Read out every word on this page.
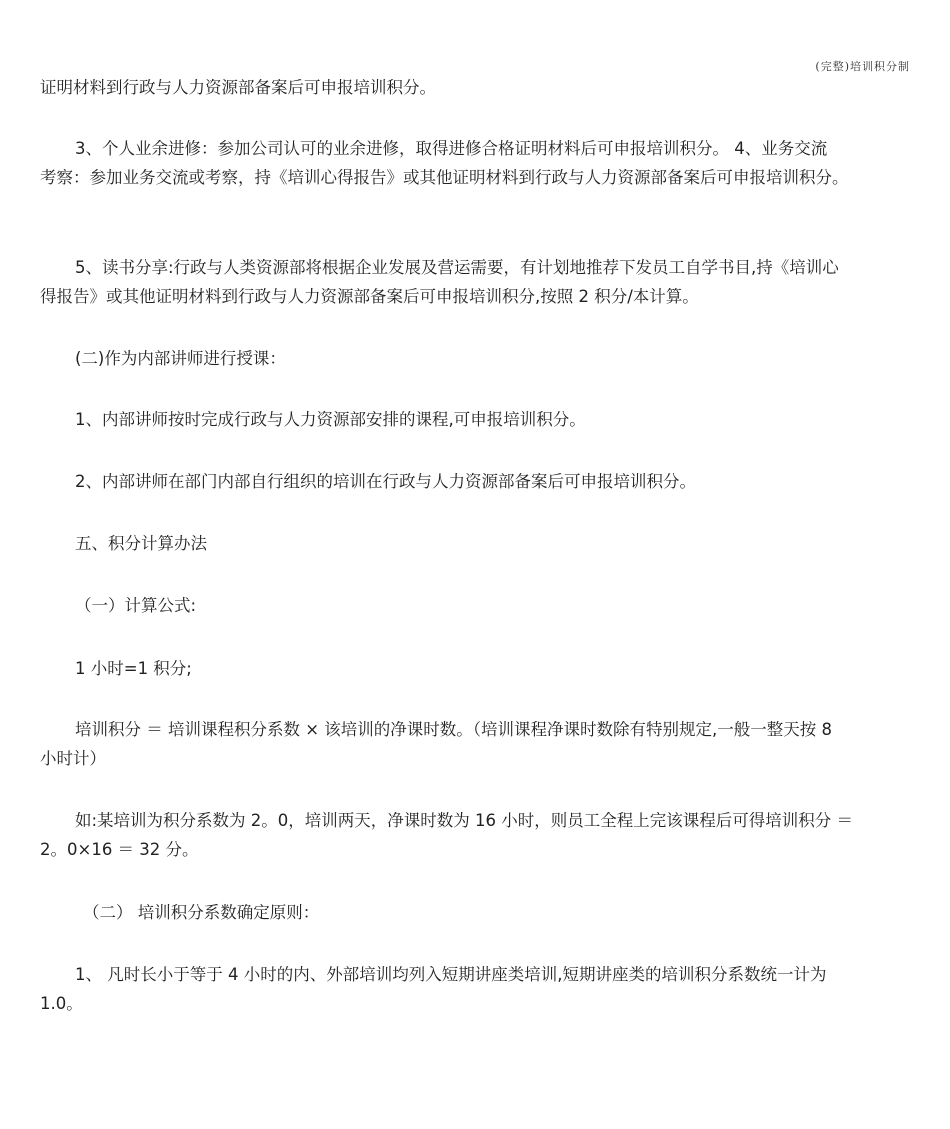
(完整)培训积分制

证明材料到行政与人力资源部备案后可申报培训积分。

3、个人业余进修：参加公司认可的业余进修，取得进修合格证明材料后可申报培训积分。 4、业务交流
考察：参加业务交流或考察，持《培训心得报告》或其他证明材料到行政与人力资源部备案后可申报培训积分。

5、读书分享:行政与人类资源部将根据企业发展及营运需要，有计划地推荐下发员工自学书目,持《培训心
得报告》或其他证明材料到行政与人力资源部备案后可申报培训积分,按照 2 积分/本计算。

(二)作为内部讲师进行授课：

1、内部讲师按时完成行政与人力资源部安排的课程,可申报培训积分。

2、内部讲师在部门内部自行组织的培训在行政与人力资源部备案后可申报培训积分。

五、积分计算办法

（一）计算公式:

1 小时=1 积分;

培训积分 ＝ 培训课程积分系数 × 该培训的净课时数。（培训课程净课时数除有特别规定,一般一整天按 8
小时计）

如:某培训为积分系数为 2。0，培训两天，净课时数为 16 小时，则员工全程上完该课程后可得培训积分 ＝
2。0×16 ＝ 32 分。

（二） 培训积分系数确定原则：

1、 凡时长小于等于 4 小时的内、外部培训均列入短期讲座类培训,短期讲座类的培训积分系数统一计为
1.0。
